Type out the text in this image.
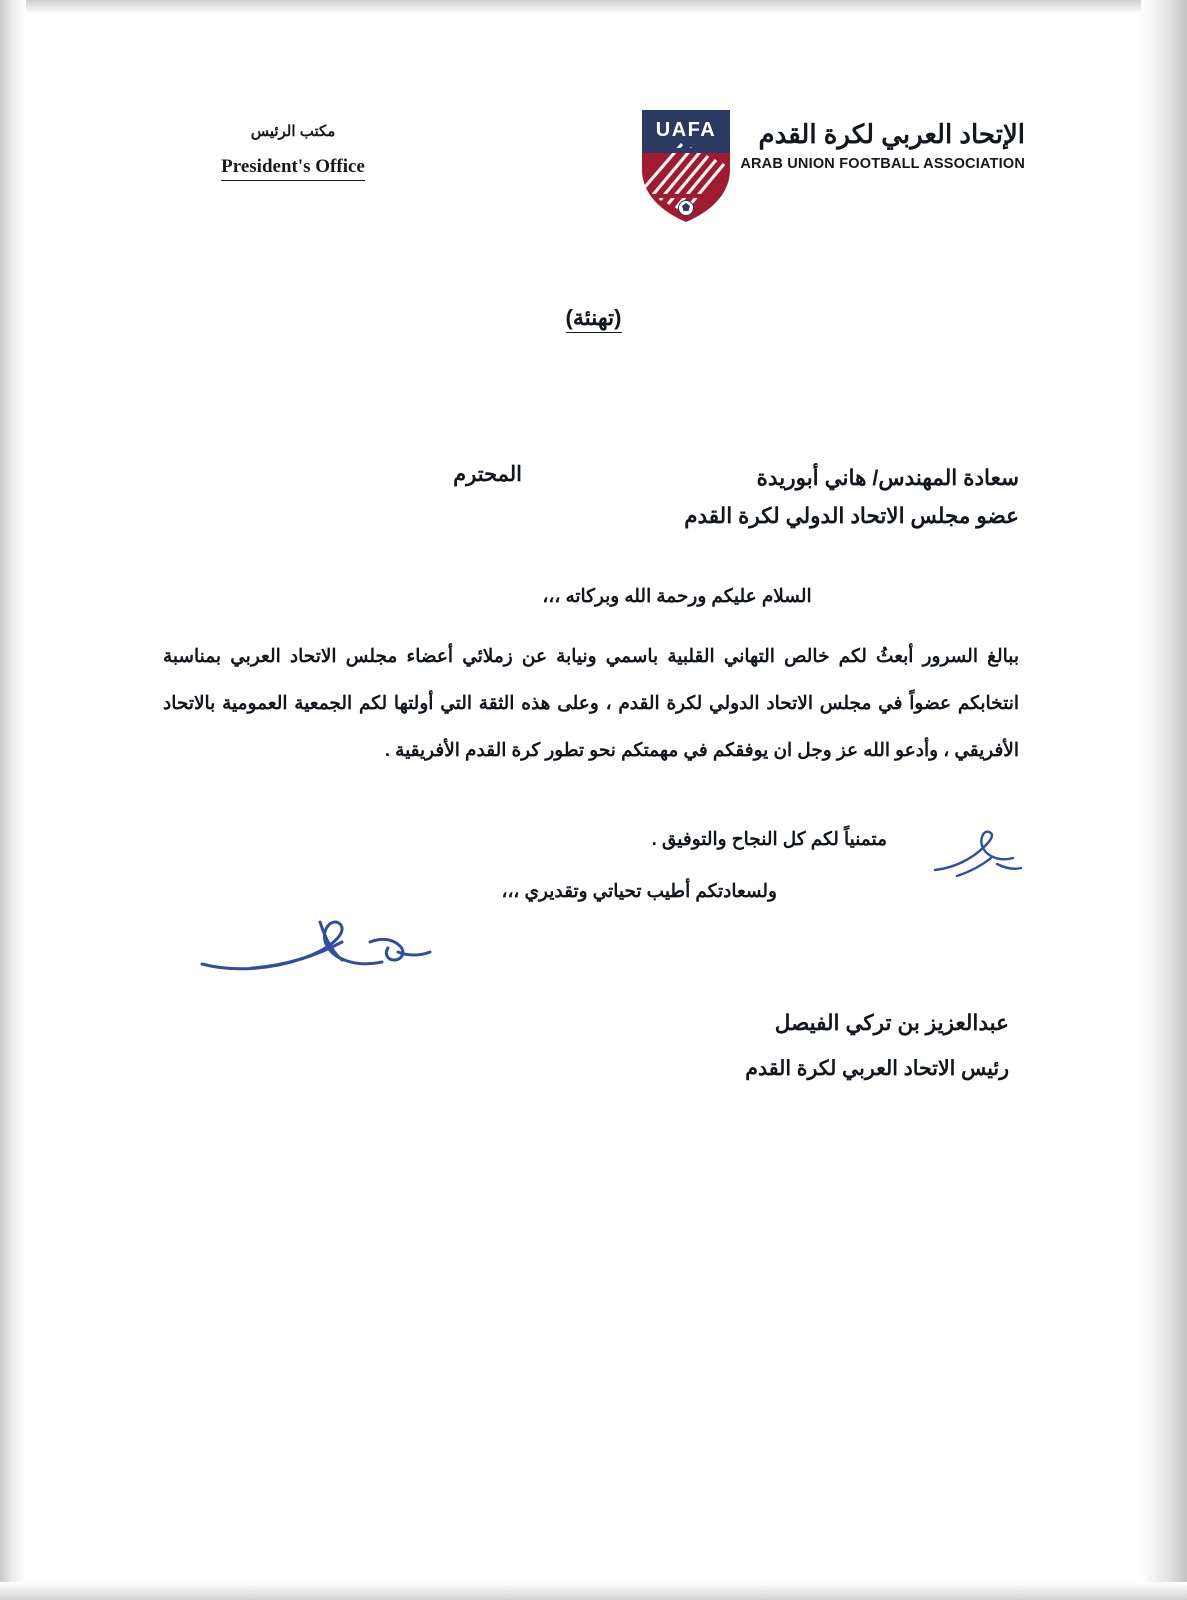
مكتب الرئيس
President's Office
الإتحاد العربي لكرة القدم
ARAB UNION FOOTBALL ASSOCIATION
UAFA
(تهنئة)
سعادة المهندس/ هاني أبوريدة
عضو مجلس الاتحاد الدولي لكرة القدم
المحترم
السلام عليكم ورحمة الله وبركاته ،،،
ببالغ السرور أبعثُ لكم خالص التهاني القلبية باسمي ونيابة عن زملائي أعضاء مجلس الاتحاد العربي بمناسبة انتخابكم عضواً في مجلس الاتحاد الدولي لكرة القدم ، وعلى هذه الثقة التي أولتها لكم الجمعية العمومية بالاتحاد الأفريقي ، وأدعو الله عز وجل ان يوفقكم في مهمتكم نحو تطور كرة القدم الأفريقية .
متمنياً لكم كل النجاح والتوفيق .
ولسعادتكم أطيب تحياتي وتقديري ،،،
عبدالعزيز بن تركي الفيصل
رئيس الاتحاد العربي لكرة القدم
